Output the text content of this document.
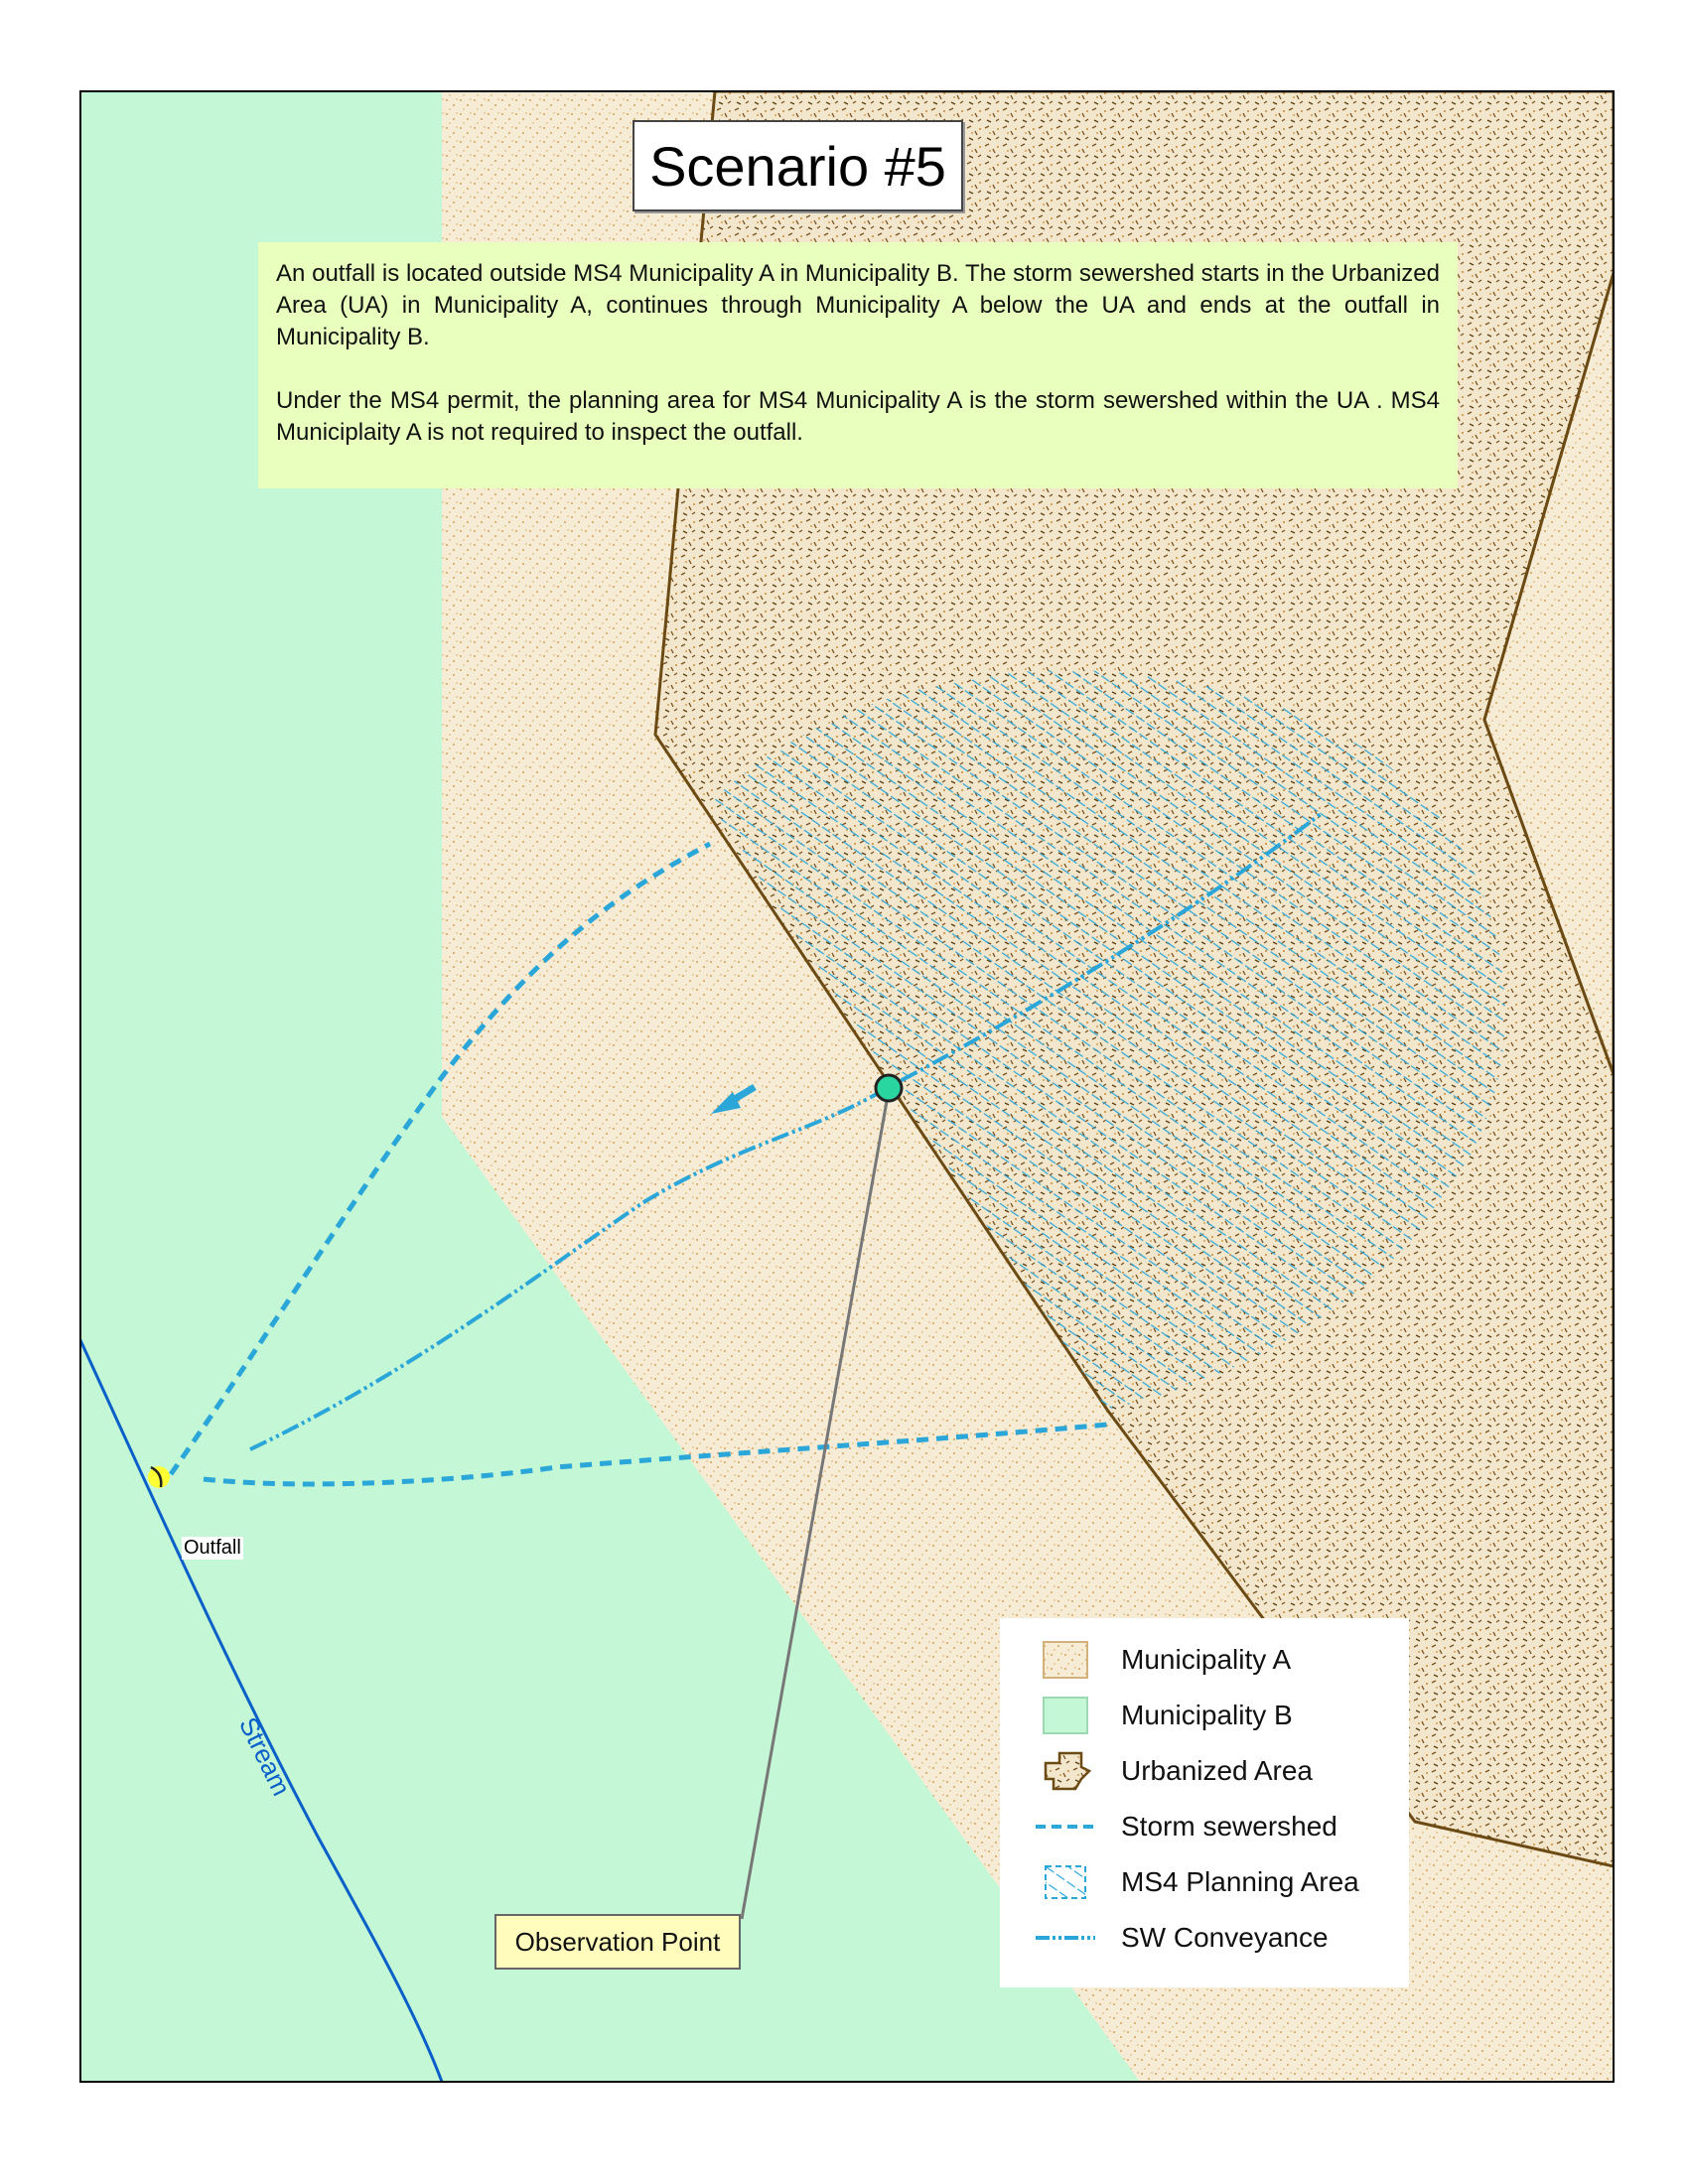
Scenario #5

An outfall is located outside MS4 Municipality A in Municipality B. The storm sewershed starts in the Urbanized Area (UA) in Municipality A, continues through Municipality A below the UA and ends at the outfall in Municipality B.

Under the MS4 permit, the planning area for MS4 Municipality A is the storm sewershed within the UA . MS4 Municiplaity A is not required to inspect the outfall.

Outfall
Stream
Observation Point
Municipality A
Municipality B
Urbanized Area
Storm sewershed
MS4 Planning Area
SW Conveyance
